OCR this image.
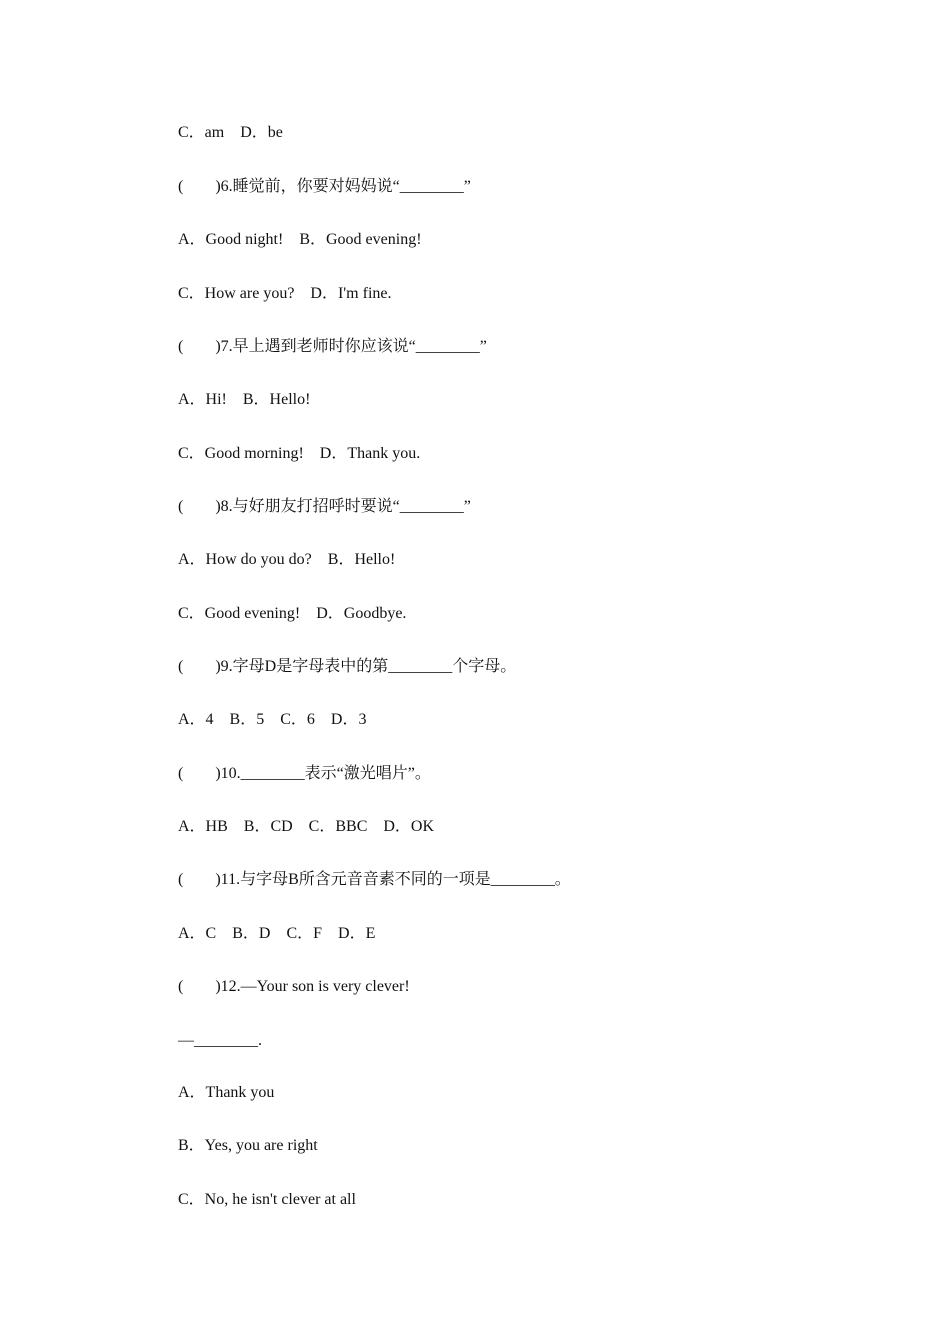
C．am　D．be

(　　)6.睡觉前，你要对妈妈说“________”

A．Good night!　B．Good evening!

C．How are you?　D．I'm fine.

(　　)7.早上遇到老师时你应该说“________”

A．Hi!　B．Hello!

C．Good morning!　D．Thank you.

(　　)8.与好朋友打招呼时要说“________”

A．How do you do?　B．Hello!

C．Good evening!　D．Goodbye.

(　　)9.字母D是字母表中的第________个字母。

A．4　B．5　C．6　D．3

(　　)10.________表示“激光唱片”。

A．HB　B．CD　C．BBC　D．OK

(　　)11.与字母B所含元音音素不同的一项是________。

A．C　B．D　C．F　D．E

(　　)12.—Your son is very clever!

—________.

A．Thank you

B．Yes, you are right

C．No, he isn't clever at all
